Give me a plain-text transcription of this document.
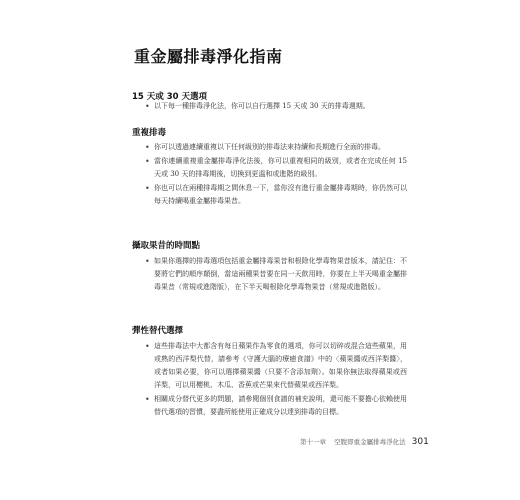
重金屬排毒淨化指南
15 天或 30 天選項
• 以下每一種排毒淨化法，你可以自行選擇 15 天或 30 天的排毒週期。
重複排毒
• 你可以透過連續重複以下任何級別的排毒法來持續和長期進行全面的排毒。
• 當你連續重複重金屬排毒淨化法後，你可以重複相同的級別，或者在完成任何 15 天或 30 天的排毒期後，切換到更溫和或進階的級別。
• 你也可以在兩種排毒期之間休息一下，當你沒有進行重金屬排毒期時，你仍然可以每天持續喝重金屬排毒果昔。
攝取果昔的時間點
• 如果你選擇的排毒選項包括重金屬排毒果昔和根除化學毒物果昔版本，請記住：不要將它們的順序顛倒，當這兩種果昔要在同一天飲用時，你要在上半天喝重金屬排毒果昔（常規或進階版），在下半天喝根除化學毒物果昔（常規或進階版）。
彈性替代選擇
• 這些排毒法中大都含有每日蘋果作為零食的選項，你可以切碎或混合這些蘋果，用或熟的西洋梨代替，請參考《守護大腦的療癒食譜》中的〈蘋果醬或西洋梨醬〉，或者如果必要，你可以選擇蘋果醬（只要不含添加劑）。如果你無法取得蘋果或西洋梨，可以用櫻桃、木瓜、香蕉或芒果來代替蘋果或西洋梨。
• 相關成分替代更多的問題，請參閱個別食譜的補充說明，還可能不要擔心依賴使用替代選項的習慣，要盡所能使用正確成分以達到排毒的目標。
第十一章 空腹即重金屬排毒淨化法 301
